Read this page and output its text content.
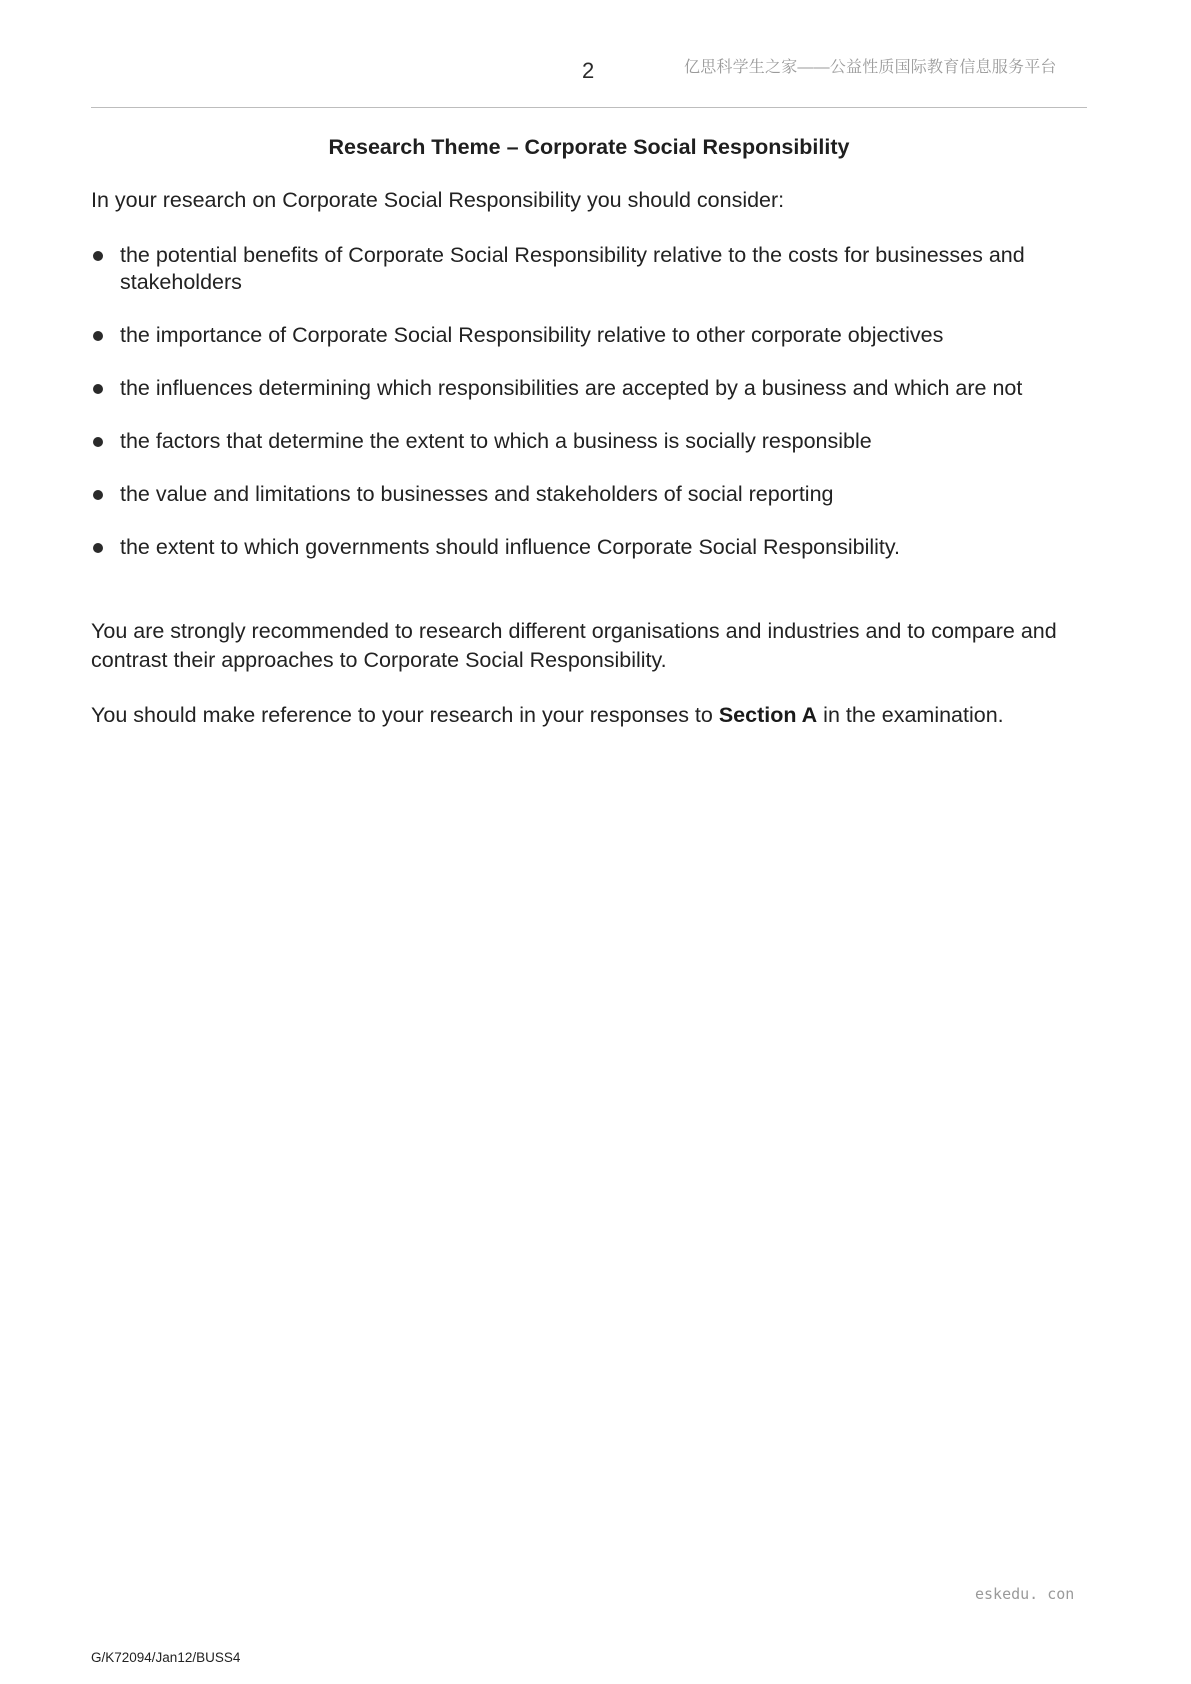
2	亿思科学生之家——公益性质国际教育信息服务平台
Research Theme – Corporate Social Responsibility
In your research on Corporate Social Responsibility you should consider:
the potential benefits of Corporate Social Responsibility relative to the costs for businesses and stakeholders
the importance of Corporate Social Responsibility relative to other corporate objectives
the influences determining which responsibilities are accepted by a business and which are not
the factors that determine the extent to which a business is socially responsible
the value and limitations to businesses and stakeholders of social reporting
the extent to which governments should influence Corporate Social Responsibility.
You are strongly recommended to research different organisations and industries and to compare and contrast their approaches to Corporate Social Responsibility.
You should make reference to your research in your responses to Section A in the examination.
eskedu. con
G/K72094/Jan12/BUSS4
